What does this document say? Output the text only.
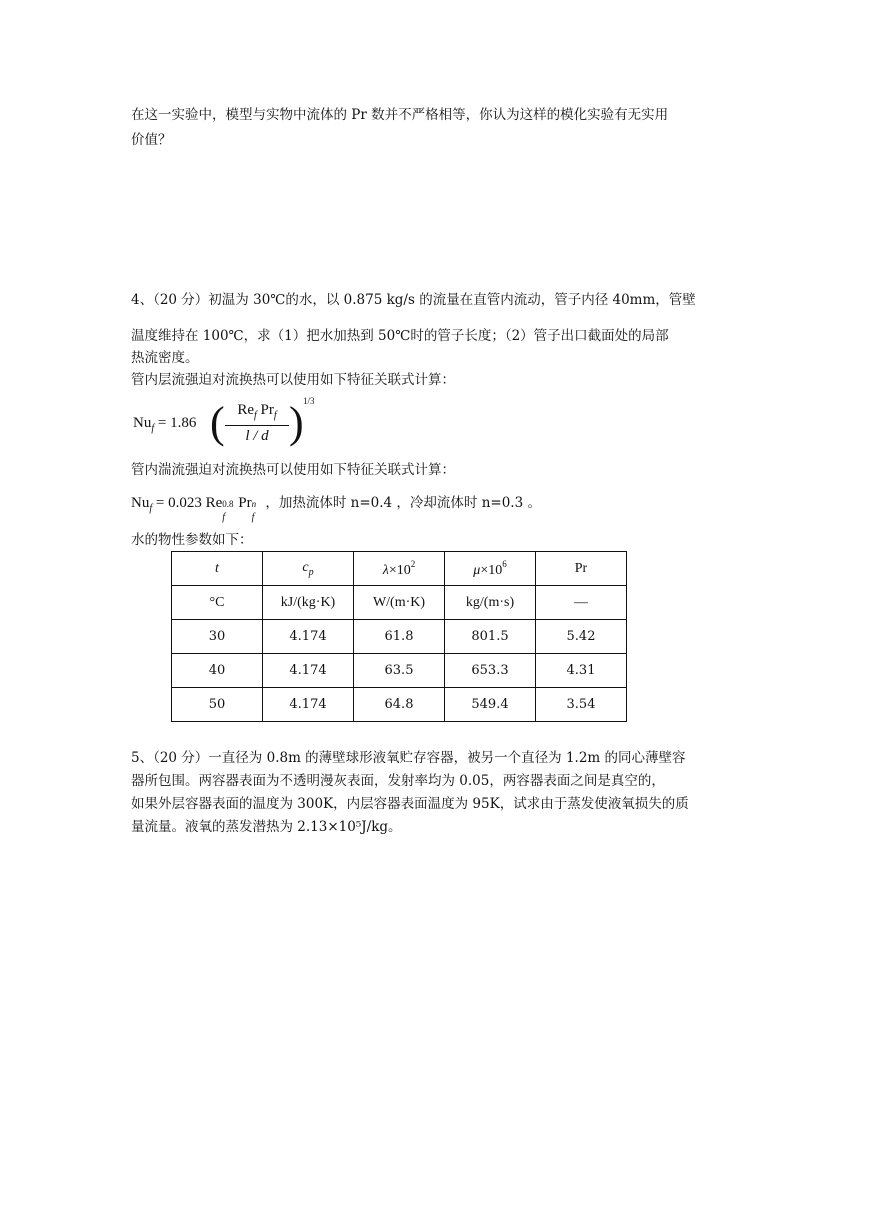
在这一实验中，模型与实物中流体的 Pr 数并不严格相等，你认为这样的模化实验有无实用
价值？
4、（20 分）初温为 30℃的水，以 0.875 kg/s 的流量在直管内流动，管子内径 40mm，管壁
温度维持在 100℃，求（1）把水加热到 50℃时的管子长度；（2）管子出口截面处的局部
热流密度。
管内层流强迫对流换热可以使用如下特征关联式计算：
$Nu_f = 1.86$ ( $Re_f$ $Pr_f$
l / d ) 1/3
管内湍流强迫对流换热可以使用如下特征关联式计算：
$Nu_f = 0.023$ Re 0.8
f
Pr n
f
，加热流体时 n=0.4 ，冷却流体时 n=0.3 。
水的物性参数如下：
t	$c_p$	$\lambda\times 10^2$	$\mu\times 10^6$	Pr
°C	kJ/(kg·K)	W/(m·K)	kg/(m·s)	—
30	4.174	61.8	801.5	5.42
40	4.174	63.5	653.3	4.31
50	4.174	64.8	549.4	3.54
5、（20 分）一直径为 0.8m 的薄壁球形液氧贮存容器，被另一个直径为 1.2m 的同心薄壁容
器所包围。两容器表面为不透明漫灰表面，发射率均为 0.05，两容器表面之间是真空的，
如果外层容器表面的温度为 300K，内层容器表面温度为 95K，试求由于蒸发使液氧损失的质
量流量。液氧的蒸发潜热为 2.13×10⁵J/kg。
